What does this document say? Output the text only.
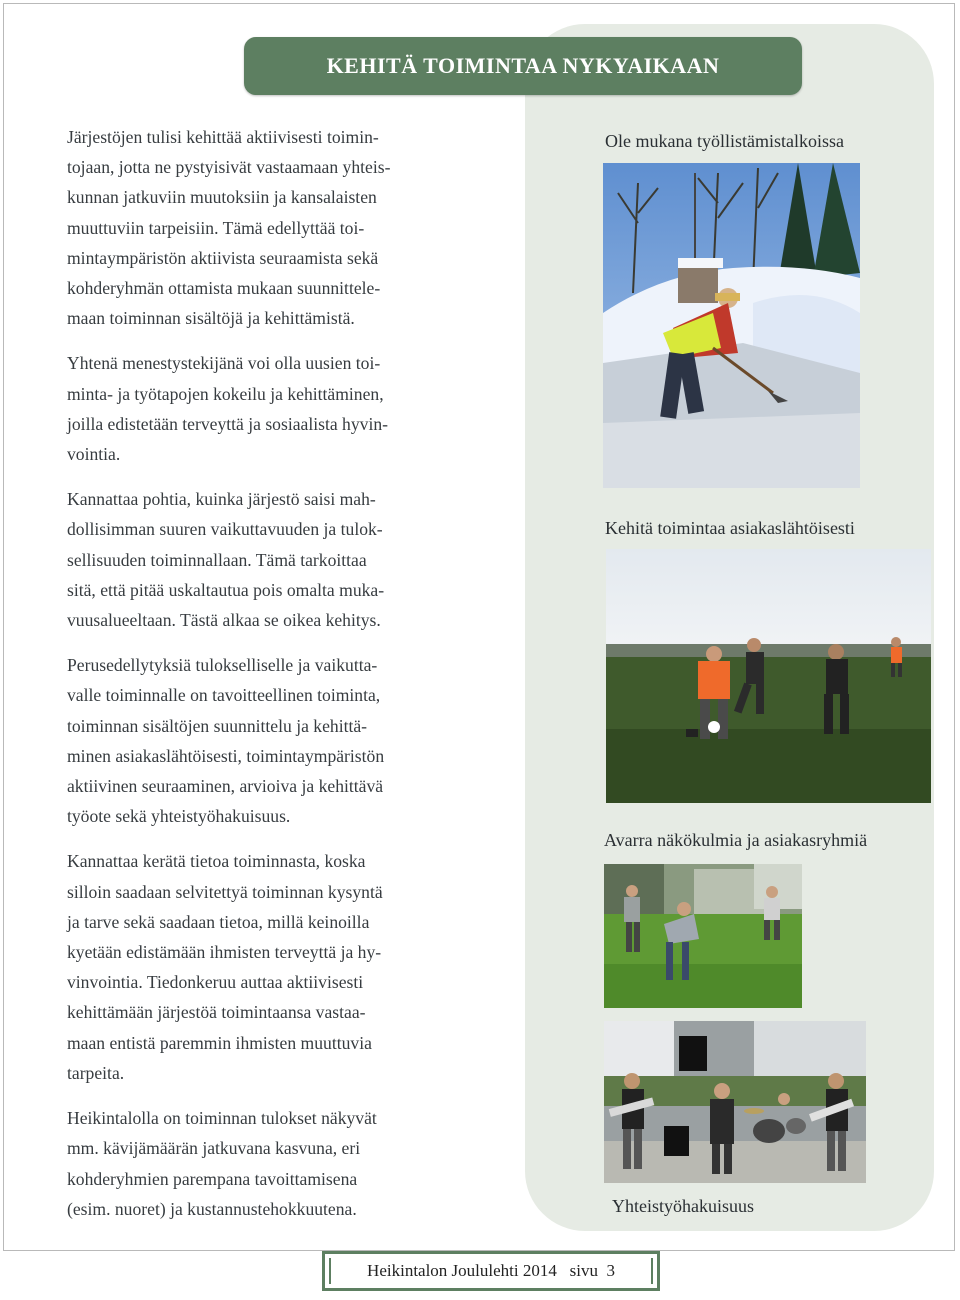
KEHITÄ TOIMINTAA NYKYAIKAAN

Järjestöjen tulisi kehittää aktiivisesti toimin-
tojaan, jotta ne pystyisivät vastaamaan yhteis-
kunnan jatkuviin muutoksiin ja kansalaisten
muuttuviin tarpeisiin. Tämä edellyttää toi-
mintaympäristön aktiivista seuraamista sekä
kohderyhmän ottamista mukaan suunnittele-
maan toiminnan sisältöjä ja kehittämistä.

Yhtenä menestystekijänä voi olla uusien toi-
minta- ja työtapojen kokeilu ja kehittäminen,
joilla edistetään terveyttä ja sosiaalista hyvin-
vointia.

Kannattaa pohtia, kuinka järjestö saisi mah-
dollisimman suuren vaikuttavuuden ja tulok-
sellisuuden toiminnallaan. Tämä tarkoittaa
sitä, että pitää uskaltautua pois omalta muka-
vuusalueeltaan. Tästä alkaa se oikea kehitys.

Perusedellytyksiä tulokselliselle ja vaikutta-
valle toiminnalle on tavoitteellinen toiminta,
toiminnan sisältöjen suunnittelu ja kehittä-
minen asiakaslähtöisesti, toimintaympäristön
aktiivinen seuraaminen, arvioiva ja kehittävä
työote sekä yhteistyöhakuisuus.

Kannattaa kerätä tietoa toiminnasta, koska
silloin saadaan selvitettyä toiminnan kysyntä
ja tarve sekä saadaan tietoa, millä keinoilla
kyetään edistämään ihmisten terveyttä ja hy-
vinvointia. Tiedonkeruu auttaa aktiivisesti
kehittämään järjestöä toimintaansa vastaa-
maan entistä paremmin ihmisten muuttuvia
tarpeita.

Heikintalolla on toiminnan tulokset näkyvät
mm. kävijämäärän jatkuvana kasvuna, eri
kohderyhmien parempana tavoittamisena
(esim. nuoret) ja kustannustehokkuutena.

Ole mukana työllistämistalkoissa
Kehitä toimintaa asiakaslähtöisesti
Avarra näkökulmia ja asiakasryhmiä
Yhteistyöhakuisuus
Heikintalon Joululehti 2014   sivu  3
